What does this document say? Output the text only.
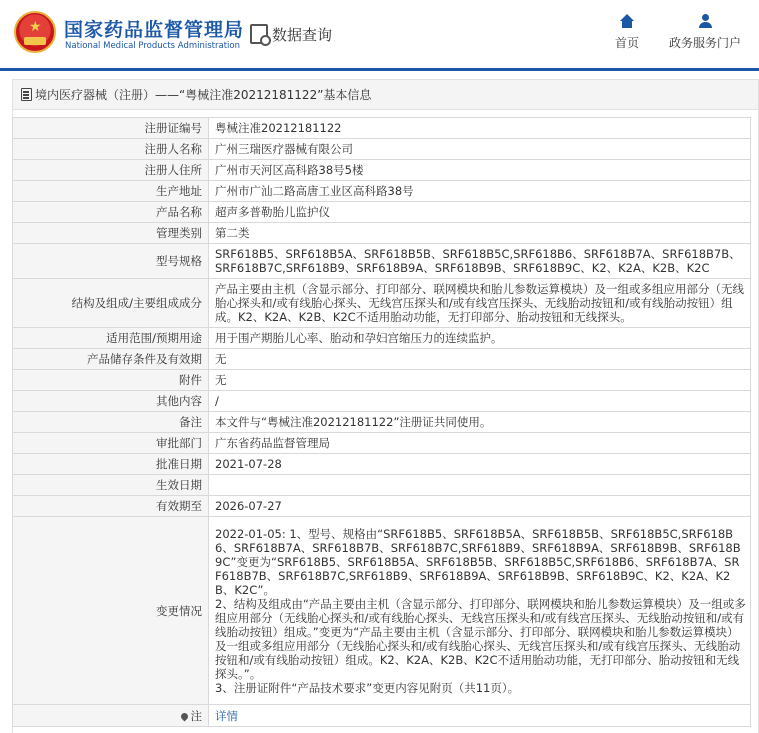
★ 国家药品监督管理局
National Medical Products Administration
数据查询	首页 政务服务门户
境内医疗器械（注册）——“粤械注准20212181122”基本信息
注册证编号	粤械注准20212181122
注册人名称	广州三瑞医疗器械有限公司
注册人住所	广州市天河区高科路38号5楼
生产地址	广州市广汕二路高唐工业区高科路38号
产品名称	超声多普勒胎儿监护仪
管理类别	第二类
型号规格	SRF618B5、SRF618B5A、SRF618B5B、SRF618B5C,SRF618B6、SRF618B7A、SRF618B7B、SRF618B7C,SRF618B9、SRF618B9A、SRF618B9B、SRF618B9C、K2、K2A、K2B、K2C
结构及组成/主要组成成分	产品主要由主机（含显示部分、打印部分、联网模块和胎儿参数运算模块）及一组或多组应用部分（无线胎心探头和/或有线胎心探头、无线宫压探头和/或有线宫压探头、无线胎动按钮和/或有线胎动按钮）组成。K2、K2A、K2B、K2C不适用胎动功能，无打印部分、胎动按钮和无线探头。
适用范围/预期用途	用于围产期胎儿心率、胎动和孕妇宫缩压力的连续监护。
产品储存条件及有效期	无
附件	无
其他内容	/
备注	本文件与“粤械注准20212181122”注册证共同使用。
审批部门	广东省药品监督管理局
批准日期	2021-07-28
生效日期	
有效期至	2026-07-27
变更情况	2022-01-05: 1、型号、规格由“SRF618B5、SRF618B5A、SRF618B5B、SRF618B5C,SRF618B6、SRF618B7A、SRF618B7B、SRF618B7C,SRF618B9、SRF618B9A、SRF618B9B、SRF618B9C”变更为“SRF618B5、SRF618B5A、SRF618B5B、SRF618B5C,SRF618B6、SRF618B7A、SRF618B7B、SRF618B7C,SRF618B9、SRF618B9A、SRF618B9B、SRF618B9C、K2、K2A、K2B、K2C”。
2、结构及组成由“产品主要由主机（含显示部分、打印部分、联网模块和胎儿参数运算模块）及一组或多组应用部分（无线胎心探头和/或有线胎心探头、无线宫压探头和/或有线宫压探头、无线胎动按钮和/或有线胎动按钮）组成。”变更为“产品主要由主机（含显示部分、打印部分、联网模块和胎儿参数运算模块）及一组或多组应用部分（无线胎心探头和/或有线胎心探头、无线宫压探头和/或有线宫压探头、无线胎动按钮和/或有线胎动按钮）组成。K2、K2A、K2B、K2C不适用胎动功能，无打印部分、胎动按钮和无线探头。”。
3、注册证附件“产品技术要求”变更内容见附页（共11页）。
注	详情
